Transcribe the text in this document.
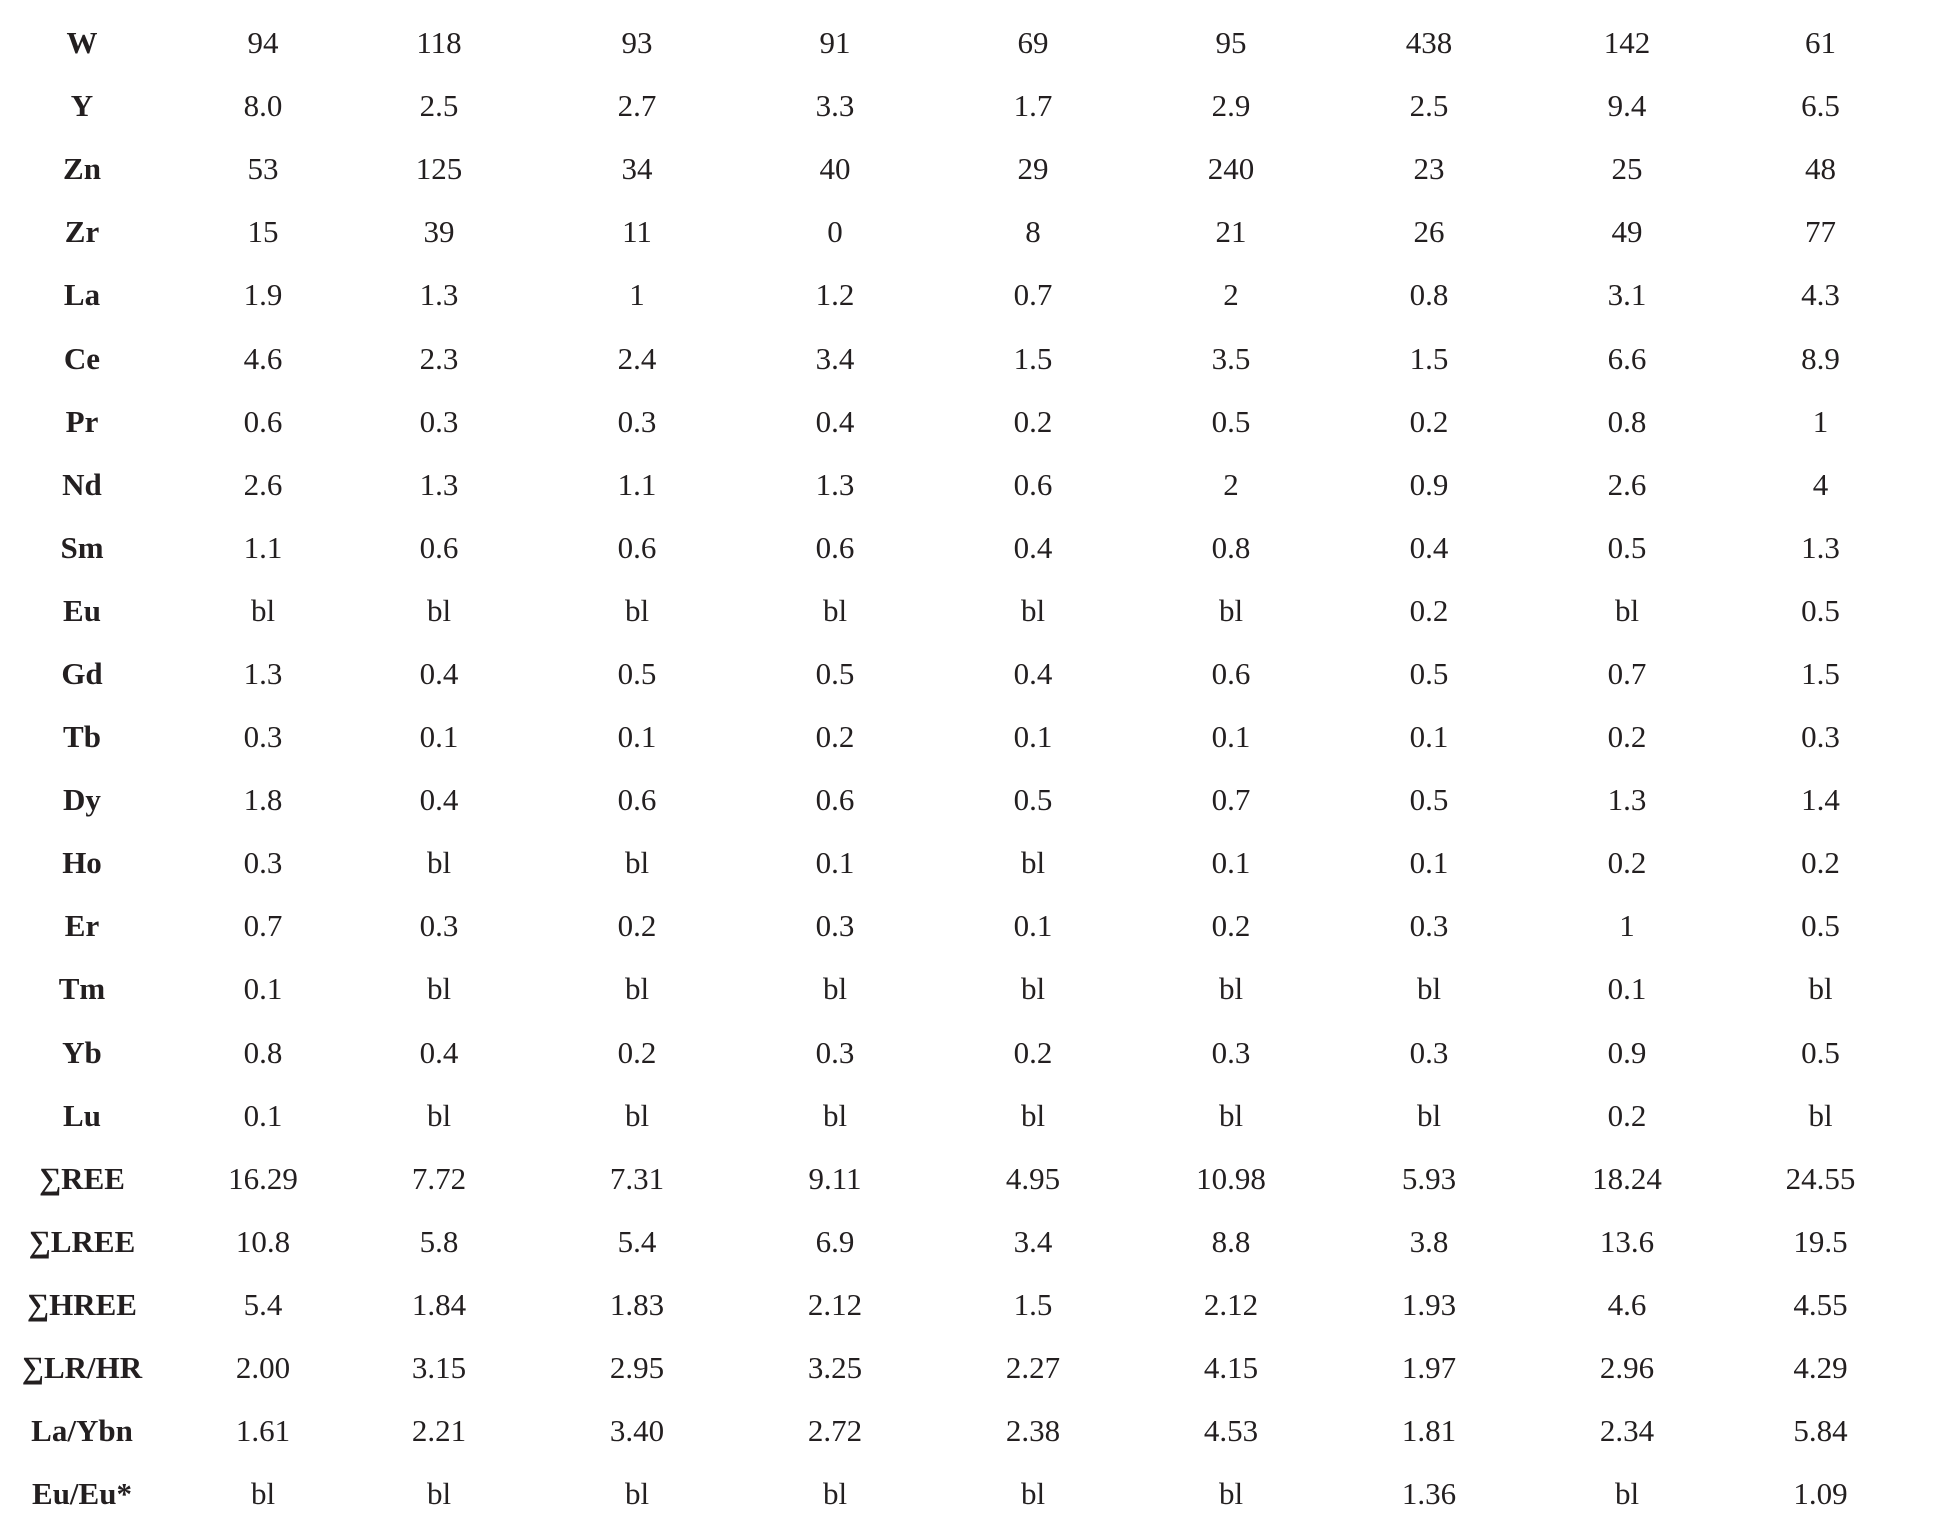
W	94	118	93	91	69	95	438	142	61
Y	8.0	2.5	2.7	3.3	1.7	2.9	2.5	9.4	6.5
Zn	53	125	34	40	29	240	23	25	48
Zr	15	39	11	0	8	21	26	49	77
La	1.9	1.3	1	1.2	0.7	2	0.8	3.1	4.3
Ce	4.6	2.3	2.4	3.4	1.5	3.5	1.5	6.6	8.9
Pr	0.6	0.3	0.3	0.4	0.2	0.5	0.2	0.8	1
Nd	2.6	1.3	1.1	1.3	0.6	2	0.9	2.6	4
Sm	1.1	0.6	0.6	0.6	0.4	0.8	0.4	0.5	1.3
Eu	bl	bl	bl	bl	bl	bl	0.2	bl	0.5
Gd	1.3	0.4	0.5	0.5	0.4	0.6	0.5	0.7	1.5
Tb	0.3	0.1	0.1	0.2	0.1	0.1	0.1	0.2	0.3
Dy	1.8	0.4	0.6	0.6	0.5	0.7	0.5	1.3	1.4
Ho	0.3	bl	bl	0.1	bl	0.1	0.1	0.2	0.2
Er	0.7	0.3	0.2	0.3	0.1	0.2	0.3	1	0.5
Tm	0.1	bl	bl	bl	bl	bl	bl	0.1	bl
Yb	0.8	0.4	0.2	0.3	0.2	0.3	0.3	0.9	0.5
Lu	0.1	bl	bl	bl	bl	bl	bl	0.2	bl
∑REE	16.29	7.72	7.31	9.11	4.95	10.98	5.93	18.24	24.55
∑LREE	10.8	5.8	5.4	6.9	3.4	8.8	3.8	13.6	19.5
∑HREE	5.4	1.84	1.83	2.12	1.5	2.12	1.93	4.6	4.55
∑LR/HR	2.00	3.15	2.95	3.25	2.27	4.15	1.97	2.96	4.29
La/Ybn	1.61	2.21	3.40	2.72	2.38	4.53	1.81	2.34	5.84
Eu/Eu*	bl	bl	bl	bl	bl	bl	1.36	bl	1.09
